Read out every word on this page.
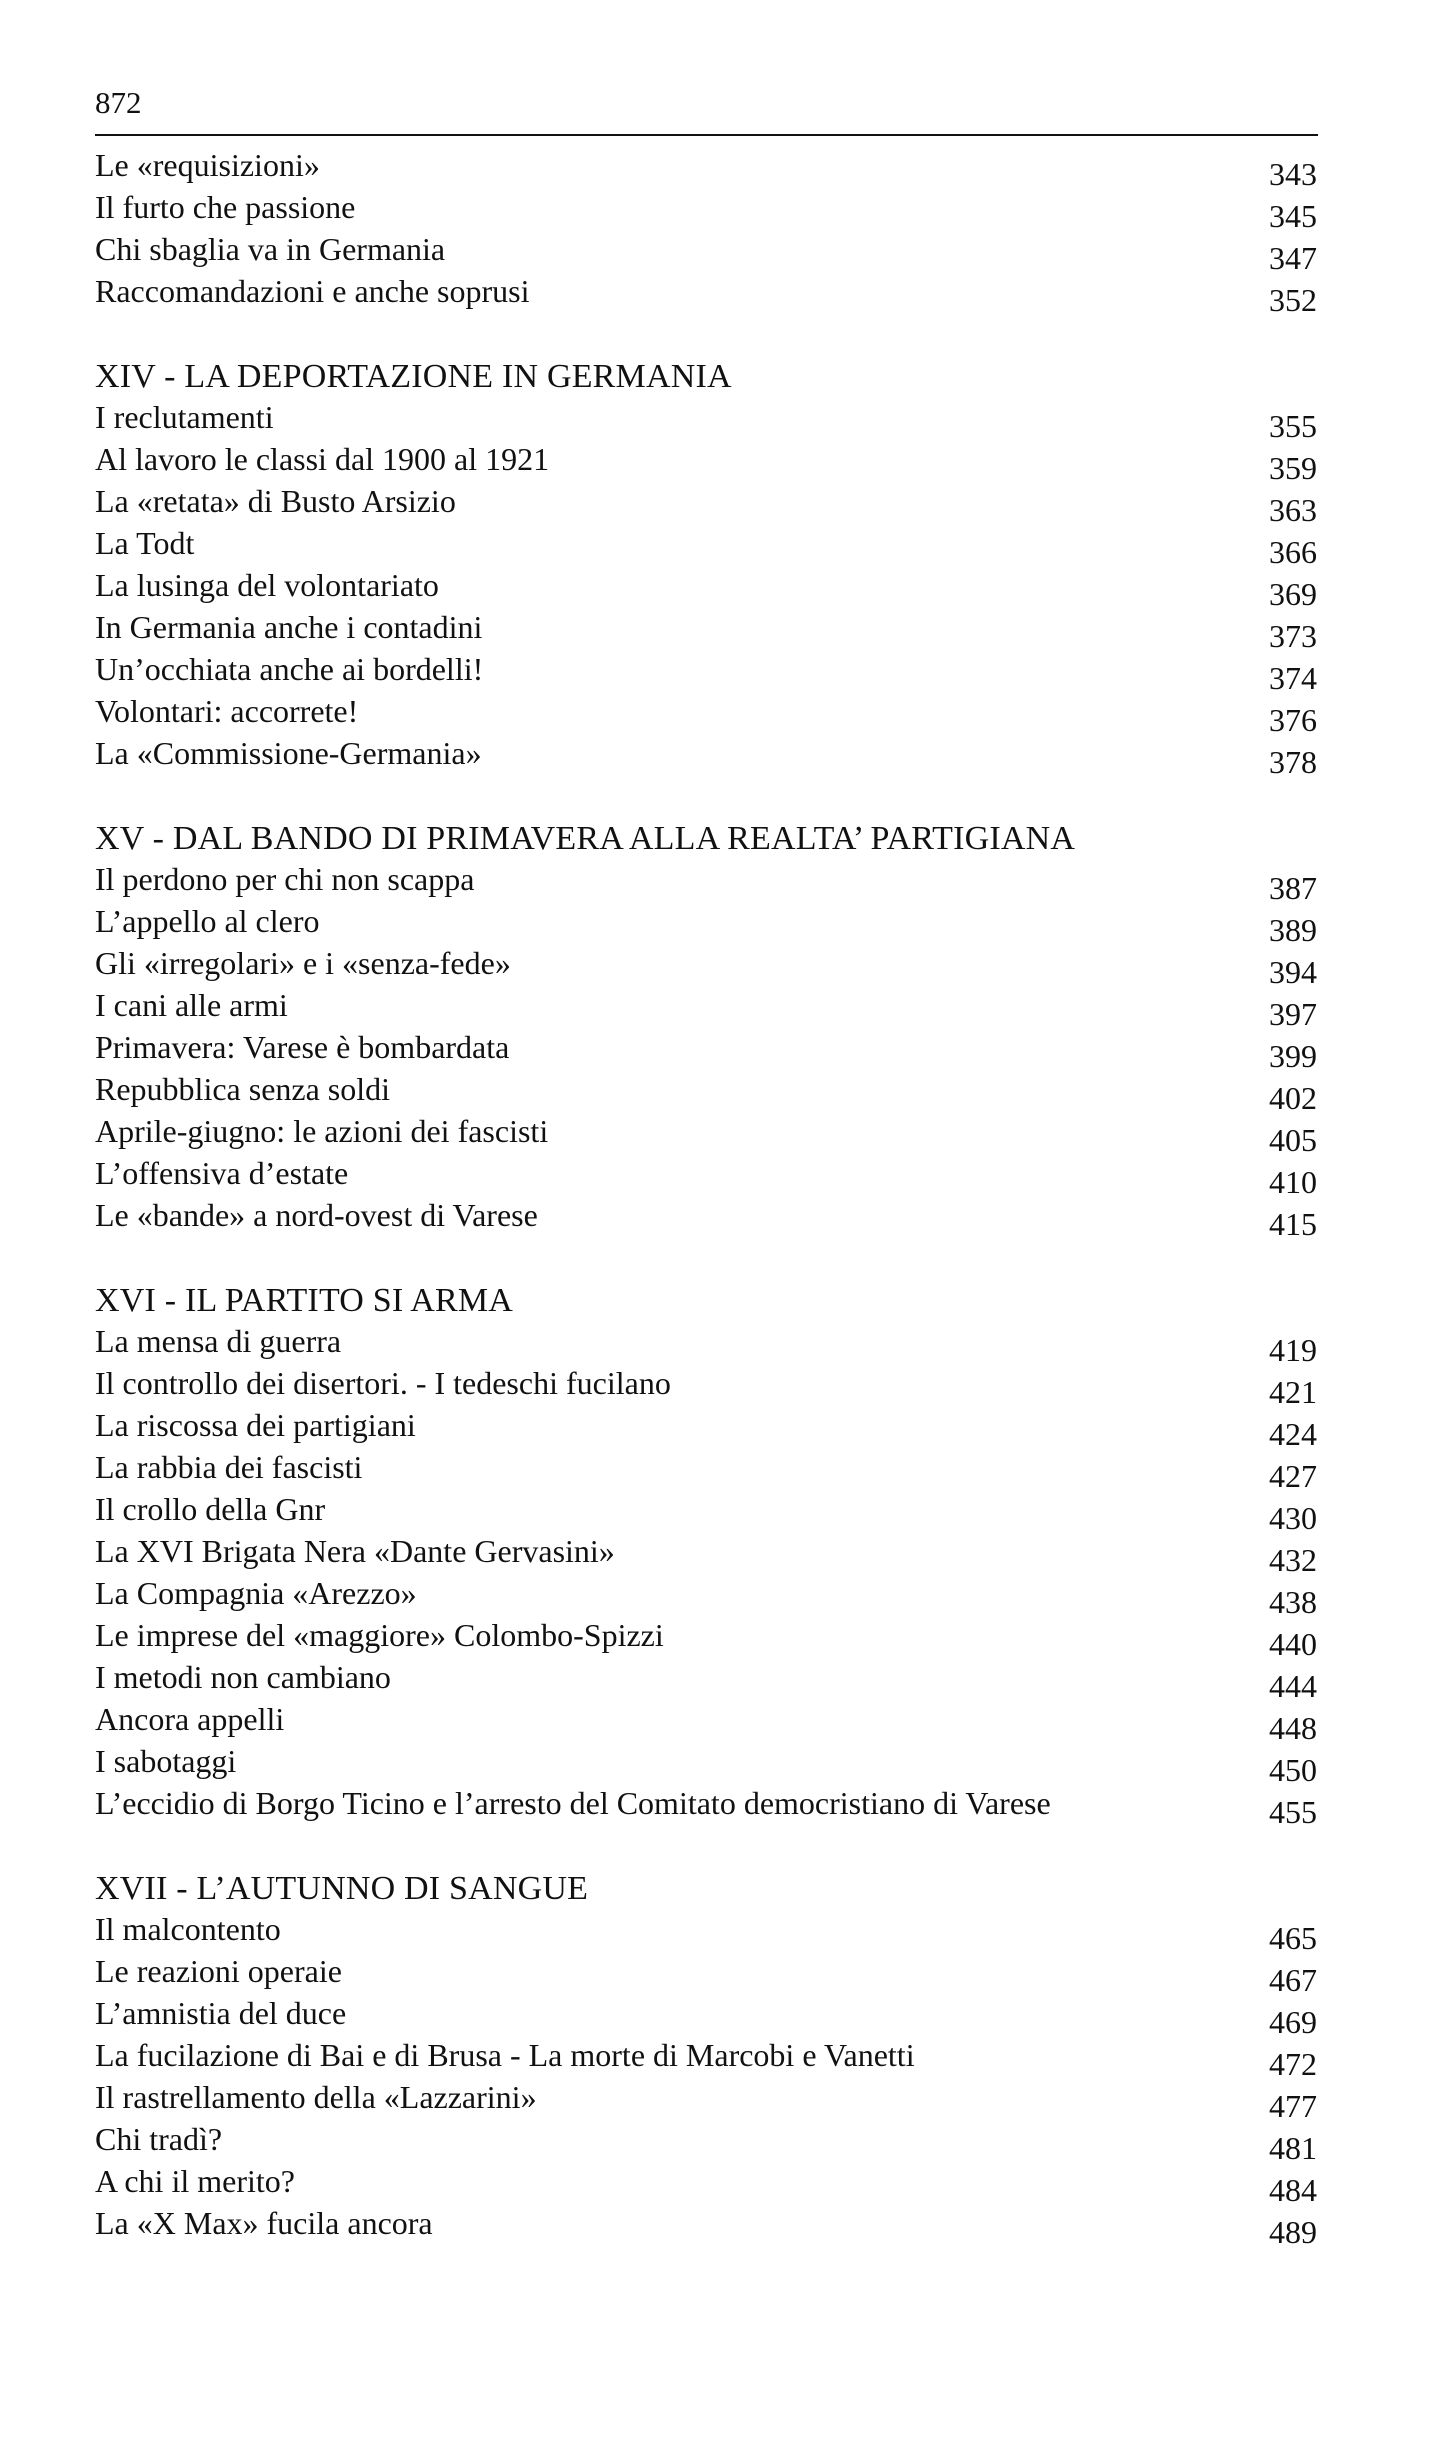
872
Le «requisizioni»	343
Il furto che passione	345
Chi sbaglia va in Germania	347
Raccomandazioni e anche soprusi	352
XIV - LA DEPORTAZIONE IN GERMANIA
I reclutamenti	355
Al lavoro le classi dal 1900 al 1921	359
La «retata» di Busto Arsizio	363
La Todt	366
La lusinga del volontariato	369
In Germania anche i contadini	373
Un’occhiata anche ai bordelli!	374
Volontari: accorrete!	376
La «Commissione-Germania»	378
XV - DAL BANDO DI PRIMAVERA ALLA REALTA’ PARTIGIANA
Il perdono per chi non scappa	387
L’appello al clero	389
Gli «irregolari» e i «senza-fede»	394
I cani alle armi	397
Primavera: Varese è bombardata	399
Repubblica senza soldi	402
Aprile-giugno: le azioni dei fascisti	405
L’offensiva d’estate	410
Le «bande» a nord-ovest di Varese	415
XVI - IL PARTITO SI ARMA
La mensa di guerra	419
Il controllo dei disertori. - I tedeschi fucilano	421
La riscossa dei partigiani	424
La rabbia dei fascisti	427
Il crollo della Gnr	430
La XVI Brigata Nera «Dante Gervasini»	432
La Compagnia «Arezzo»	438
Le imprese del «maggiore» Colombo-Spizzi	440
I metodi non cambiano	444
Ancora appelli	448
I sabotaggi	450
L’eccidio di Borgo Ticino e l’arresto del Comitato democristiano di Varese	455
XVII - L’AUTUNNO DI SANGUE
Il malcontento	465
Le reazioni operaie	467
L’amnistia del duce	469
La fucilazione di Bai e di Brusa - La morte di Marcobi e Vanetti	472
Il rastrellamento della «Lazzarini»	477
Chi tradì?	481
A chi il merito?	484
La «X Max» fucila ancora	489
